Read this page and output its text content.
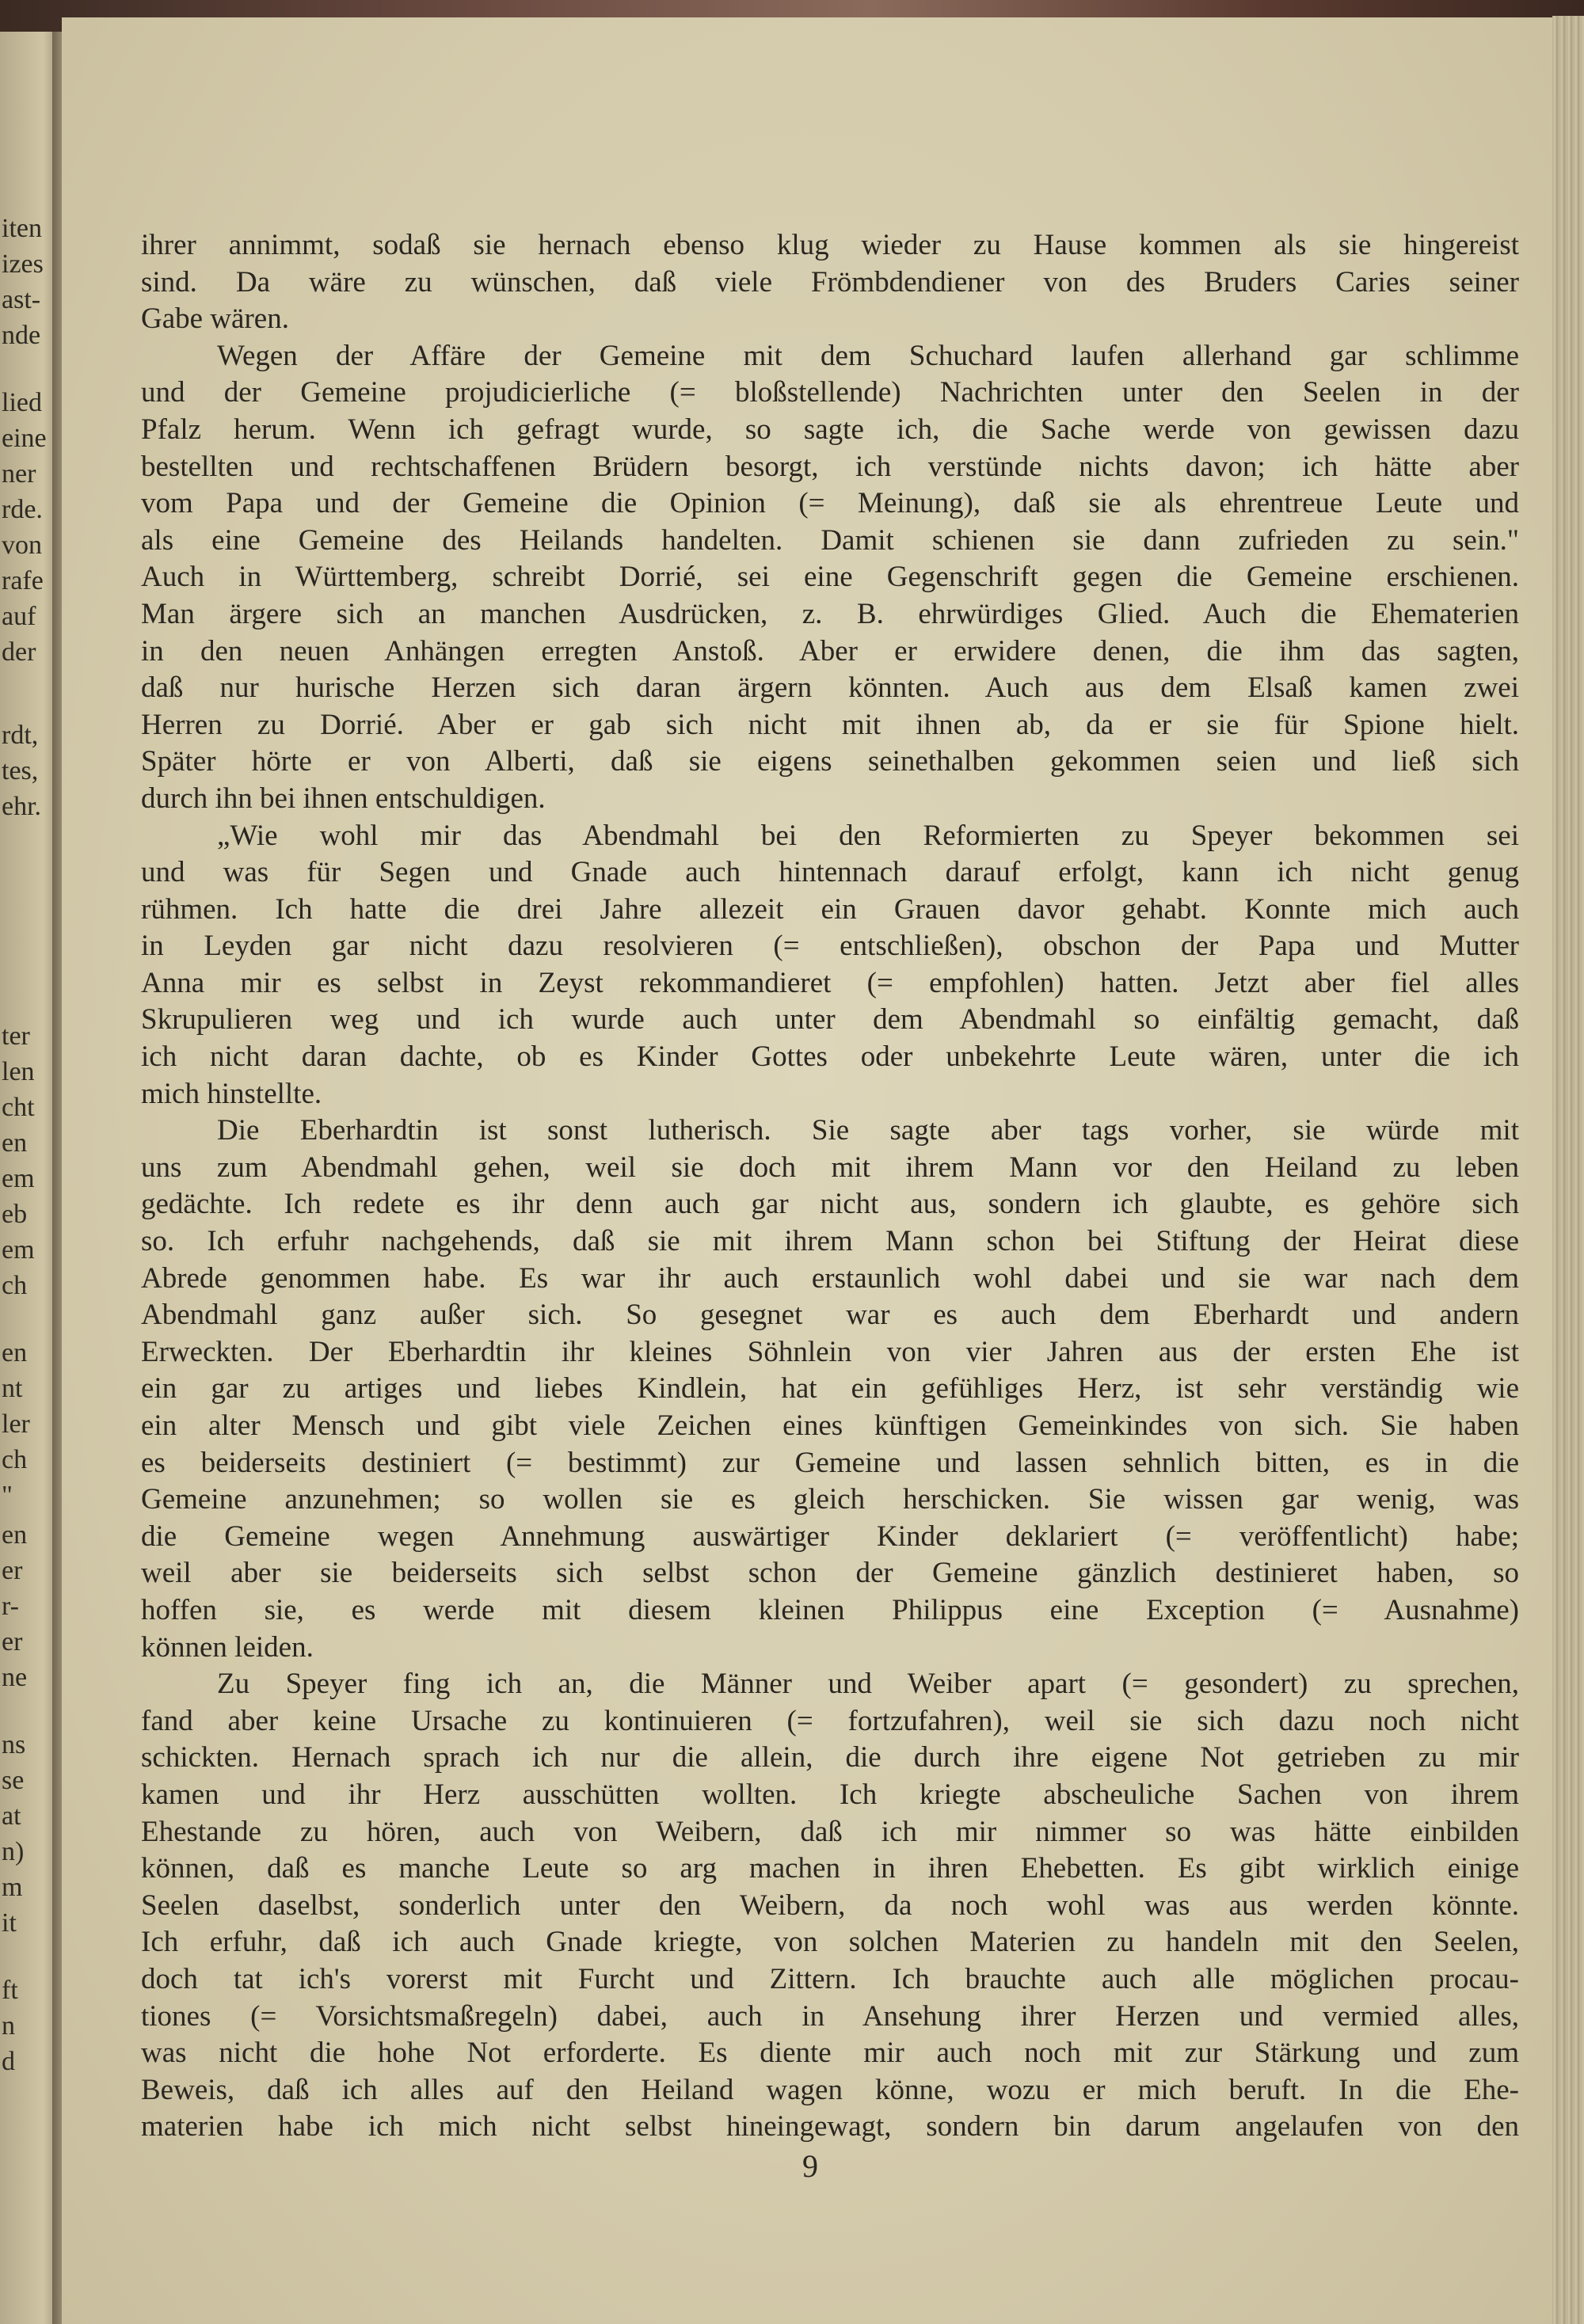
iten
izes
ast-
nde
lied
eine
ner
rde.
von
rafe
auf
der
rdt,
tes,
ehr.
ter
len
cht
en
em
eb
em
ch
en
nt
ler
ch
"
en
er
r-
er
ne
ns
se
at
n)
m
it
ft
n
d
ihrer annimmt, sodaß sie hernach ebenso klug wieder zu Hause kommen als sie hingereist
sind. Da wäre zu wünschen, daß viele Frömbdendiener von des Bruders Caries seiner
Gabe wären.
Wegen der Affäre der Gemeine mit dem Schuchard laufen allerhand gar schlimme
und der Gemeine projudicierliche (= bloßstellende) Nachrichten unter den Seelen in der
Pfalz herum. Wenn ich gefragt wurde, so sagte ich, die Sache werde von gewissen dazu
bestellten und rechtschaffenen Brüdern besorgt, ich verstünde nichts davon; ich hätte aber
vom Papa und der Gemeine die Opinion (= Meinung), daß sie als ehrentreue Leute und
als eine Gemeine des Heilands handelten. Damit schienen sie dann zufrieden zu sein."
Auch in Württemberg, schreibt Dorrié, sei eine Gegenschrift gegen die Gemeine erschienen.
Man ärgere sich an manchen Ausdrücken, z. B. ehrwürdiges Glied. Auch die Ehematerien
in den neuen Anhängen erregten Anstoß. Aber er erwidere denen, die ihm das sagten,
daß nur hurische Herzen sich daran ärgern könnten. Auch aus dem Elsaß kamen zwei
Herren zu Dorrié. Aber er gab sich nicht mit ihnen ab, da er sie für Spione hielt.
Später hörte er von Alberti, daß sie eigens seinethalben gekommen seien und ließ sich
durch ihn bei ihnen entschuldigen.
„Wie wohl mir das Abendmahl bei den Reformierten zu Speyer bekommen sei
und was für Segen und Gnade auch hintennach darauf erfolgt, kann ich nicht genug
rühmen. Ich hatte die drei Jahre allezeit ein Grauen davor gehabt. Konnte mich auch
in Leyden gar nicht dazu resolvieren (= entschließen), obschon der Papa und Mutter
Anna mir es selbst in Zeyst rekommandieret (= empfohlen) hatten. Jetzt aber fiel alles
Skrupulieren weg und ich wurde auch unter dem Abendmahl so einfältig gemacht, daß
ich nicht daran dachte, ob es Kinder Gottes oder unbekehrte Leute wären, unter die ich
mich hinstellte.
Die Eberhardtin ist sonst lutherisch. Sie sagte aber tags vorher, sie würde mit
uns zum Abendmahl gehen, weil sie doch mit ihrem Mann vor den Heiland zu leben
gedächte. Ich redete es ihr denn auch gar nicht aus, sondern ich glaubte, es gehöre sich
so. Ich erfuhr nachgehends, daß sie mit ihrem Mann schon bei Stiftung der Heirat diese
Abrede genommen habe. Es war ihr auch erstaunlich wohl dabei und sie war nach dem
Abendmahl ganz außer sich. So gesegnet war es auch dem Eberhardt und andern
Erweckten. Der Eberhardtin ihr kleines Söhnlein von vier Jahren aus der ersten Ehe ist
ein gar zu artiges und liebes Kindlein, hat ein gefühliges Herz, ist sehr verständig wie
ein alter Mensch und gibt viele Zeichen eines künftigen Gemeinkindes von sich. Sie haben
es beiderseits destiniert (= bestimmt) zur Gemeine und lassen sehnlich bitten, es in die
Gemeine anzunehmen; so wollen sie es gleich herschicken. Sie wissen gar wenig, was
die Gemeine wegen Annehmung auswärtiger Kinder deklariert (= veröffentlicht) habe;
weil aber sie beiderseits sich selbst schon der Gemeine gänzlich destinieret haben, so
hoffen sie, es werde mit diesem kleinen Philippus eine Exception (= Ausnahme)
können leiden.
Zu Speyer fing ich an, die Männer und Weiber apart (= gesondert) zu sprechen,
fand aber keine Ursache zu kontinuieren (= fortzufahren), weil sie sich dazu noch nicht
schickten. Hernach sprach ich nur die allein, die durch ihre eigene Not getrieben zu mir
kamen und ihr Herz ausschütten wollten. Ich kriegte abscheuliche Sachen von ihrem
Ehestande zu hören, auch von Weibern, daß ich mir nimmer so was hätte einbilden
können, daß es manche Leute so arg machen in ihren Ehebetten. Es gibt wirklich einige
Seelen daselbst, sonderlich unter den Weibern, da noch wohl was aus werden könnte.
Ich erfuhr, daß ich auch Gnade kriegte, von solchen Materien zu handeln mit den Seelen,
doch tat ich's vorerst mit Furcht und Zittern. Ich brauchte auch alle möglichen procau-
tiones (= Vorsichtsmaßregeln) dabei, auch in Ansehung ihrer Herzen und vermied alles,
was nicht die hohe Not erforderte. Es diente mir auch noch mit zur Stärkung und zum
Beweis, daß ich alles auf den Heiland wagen könne, wozu er mich beruft. In die Ehe-
materien habe ich mich nicht selbst hineingewagt, sondern bin darum angelaufen von den
9
